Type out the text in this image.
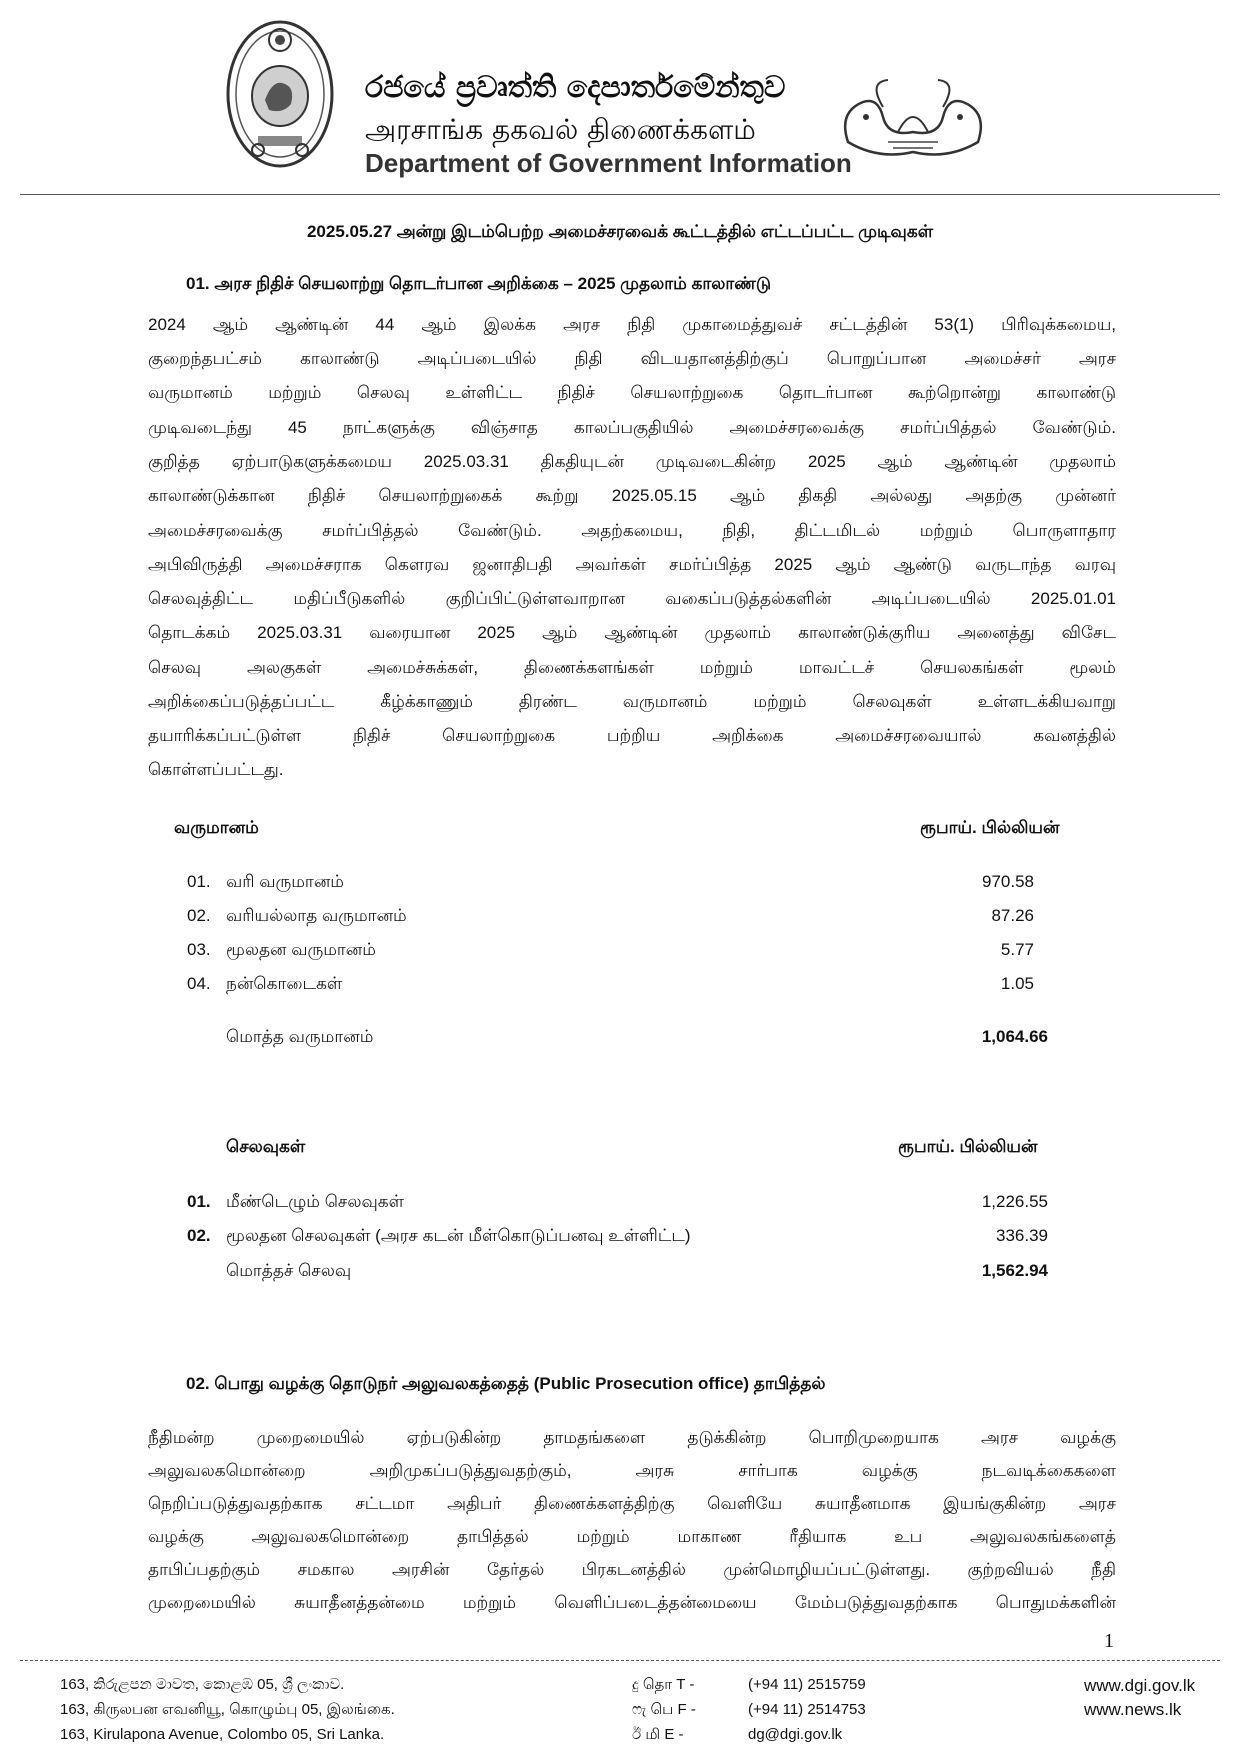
රජයේ ප්‍රවෘත්ති දෙපාර්තමේන්තුව
அரசாங்க தகவல் திணைக்களம்
Department of Government Information
2025.05.27 அன்று இடம்பெற்ற அமைச்சரவைக் கூட்டத்தில் எட்டப்பட்ட முடிவுகள்
01. அரச நிதிச் செயலாற்று தொடர்பான அறிக்கை – 2025 முதலாம் காலாண்டு
2024 ஆம் ஆண்டின் 44 ஆம் இலக்க அரச நிதி முகாமைத்துவச் சட்டத்தின் 53(1) பிரிவுக்கமைய,
குறைந்தபட்சம் காலாண்டு அடிப்படையில் நிதி விடயதானத்திற்குப் பொறுப்பான அமைச்சர் அரச
வருமானம் மற்றும் செலவு உள்ளிட்ட நிதிச் செயலாற்றுகை தொடர்பான கூற்றொன்று காலாண்டு
முடிவடைந்து 45 நாட்களுக்கு விஞ்சாத காலப்பகுதியில் அமைச்சரவைக்கு சமர்ப்பித்தல் வேண்டும்.
குறித்த ஏற்பாடுகளுக்கமைய 2025.03.31 திகதியுடன் முடிவடைகின்ற 2025 ஆம் ஆண்டின் முதலாம்
காலாண்டுக்கான நிதிச் செயலாற்றுகைக் கூற்று 2025.05.15 ஆம் திகதி அல்லது அதற்கு முன்னர்
அமைச்சரவைக்கு சமர்ப்பித்தல் வேண்டும். அதற்கமைய, நிதி, திட்டமிடல் மற்றும் பொருளாதார
அபிவிருத்தி அமைச்சராக கௌரவ ஜனாதிபதி அவர்கள் சமர்ப்பித்த 2025 ஆம் ஆண்டு வருடாந்த வரவு
செலவுத்திட்ட மதிப்பீடுகளில் குறிப்பிட்டுள்ளவாறான வகைப்படுத்தல்களின் அடிப்படையில் 2025.01.01
தொடக்கம் 2025.03.31 வரையான 2025 ஆம் ஆண்டின் முதலாம் காலாண்டுக்குரிய அனைத்து விசேட
செலவு அலகுகள் அமைச்சுக்கள், திணைக்களங்கள் மற்றும் மாவட்டச் செயலகங்கள் மூலம்
அறிக்கைப்படுத்தப்பட்ட கீழ்க்காணும் திரண்ட வருமானம் மற்றும் செலவுகள் உள்ளடக்கியவாறு
தயாரிக்கப்பட்டுள்ள நிதிச் செயலாற்றுகை பற்றிய அறிக்கை அமைச்சரவையால் கவனத்தில்
கொள்ளப்பட்டது.
வருமானம்	ரூபாய். பில்லியன்
01. வரி வருமானம்	970.58
02. வரியல்லாத வருமானம்	87.26
03. மூலதன வருமானம்	5.77
04. நன்கொடைகள்	1.05
மொத்த வருமானம்	1,064.66
செலவுகள்	ரூபாய். பில்லியன்
01. மீண்டெழும் செலவுகள்	1,226.55
02. மூலதன செலவுகள் (அரச கடன் மீள்கொடுப்பனவு உள்ளிட்ட)	336.39
மொத்தச் செலவு	1,562.94
02. பொது வழக்கு தொடுநர் அலுவலகத்தைத் (Public Prosecution office) தாபித்தல்
நீதிமன்ற முறைமையில் ஏற்படுகின்ற தாமதங்களை தடுக்கின்ற பொறிமுறையாக அரச வழக்கு
அலுவலகமொன்றை அறிமுகப்படுத்துவதற்கும், அரசு சார்பாக வழக்கு நடவடிக்கைகளை
நெறிப்படுத்துவதற்காக சட்டமா அதிபர் திணைக்களத்திற்கு வெளியே சுயாதீனமாக இயங்குகின்ற அரச
வழக்கு அலுவலகமொன்றை தாபித்தல் மற்றும் மாகாண ரீதியாக உப அலுவலகங்களைத்
தாபிப்பதற்கும் சமகால அரசின் தேர்தல் பிரகடனத்தில் முன்மொழியப்பட்டுள்ளது. குற்றவியல் நீதி
முறைமையில் சுயாதீனத்தன்மை மற்றும் வெளிப்படைத்தன்மையை மேம்படுத்துவதற்காக பொதுமக்களின்
1
163, කිරුළපන මාවත, කොළඹ 05, ශ්‍රී ලංකාව.
163, கிருலபன எவனியூ, கொழும்பு 05, இலங்கை.
163, Kirulapona Avenue, Colombo 05, Sri Lanka.
දු தொ T -	(+94 11) 2515759
ෆැ பெ F -	(+94 11) 2514753
ඊ மி E -	dg@dgi.gov.lk
www.dgi.gov.lk
www.news.lk
